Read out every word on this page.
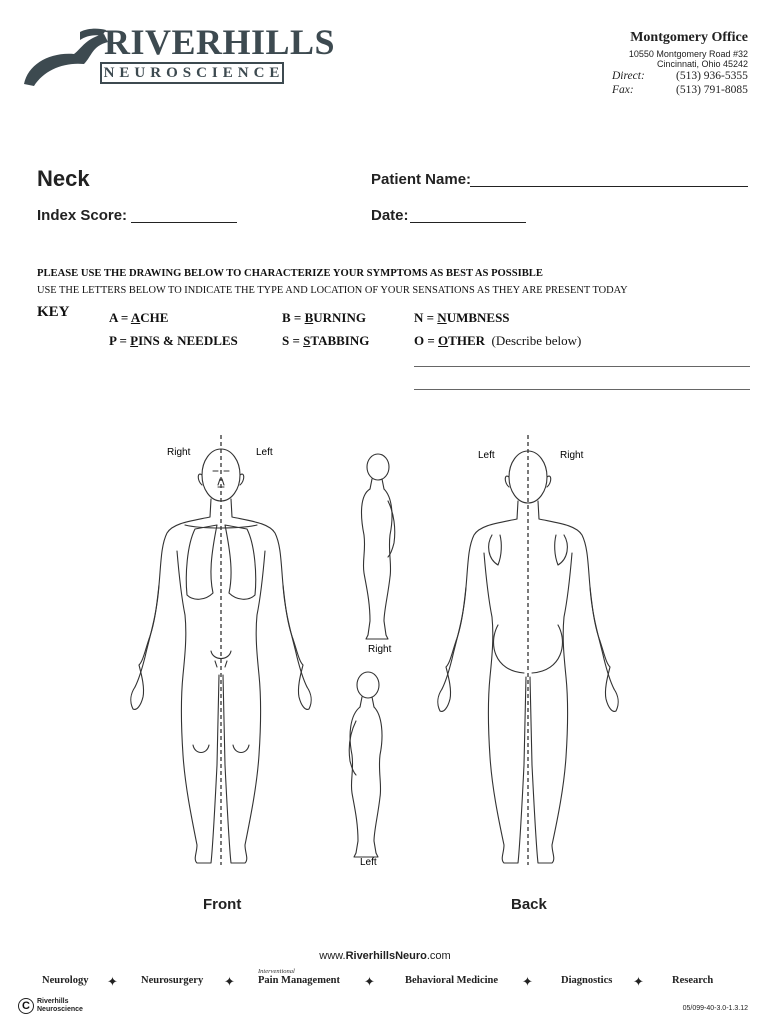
RIVERHILLS
NEUROSCIENCE
Montgomery Office
10550 Montgomery Road #32
Cincinnati, Ohio 45242
Direct:	(513) 936-5355
Fax:	(513) 791-8085
Neck	Patient Name:
Index Score:	Date:
PLEASE USE THE DRAWING BELOW TO CHARACTERIZE YOUR SYMPTOMS AS BEST AS POSSIBLE
USE THE LETTERS BELOW TO INDICATE THE TYPE AND LOCATION OF YOUR SENSATIONS AS THEY ARE PRESENT TODAY
KEY	A = ACHE	B = BURNING	N = NUMBNESS
P = PINS & NEEDLES	S = STABBING	O = OTHER (Describe below)
Right	Left	Left	Right
Right
Left
Front	Back
www.RiverhillsNeuro.com
Neurology ✦ Neurosurgery ✦
Interventional
Pain Management ✦	Behavioral Medicine ✦	Diagnostics ✦	Research
C	Riverhills
Neuroscience	05/099-40-3.0-1.3.12
